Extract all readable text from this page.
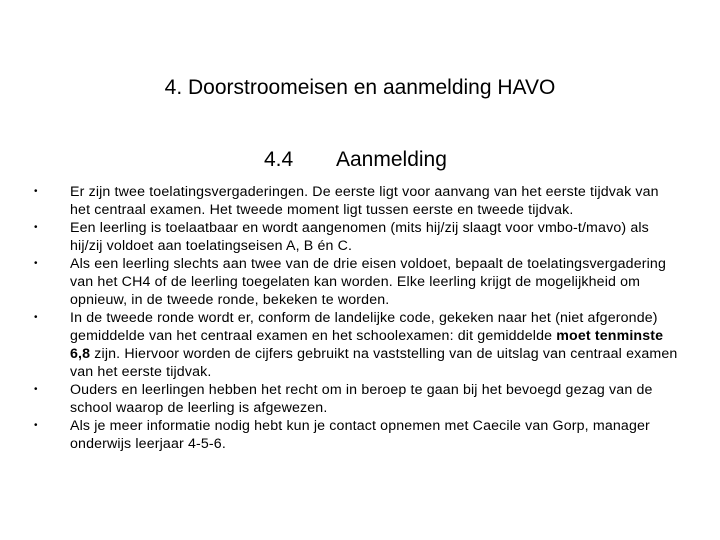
4. Doorstroomeisen en aanmelding HAVO
4.4 Aanmelding
• Er zijn twee toelatingsvergaderingen. De eerste ligt voor aanvang van het eerste tijdvak van het centraal examen. Het tweede moment ligt tussen eerste en tweede tijdvak.
• Een leerling is toelaatbaar en wordt aangenomen (mits hij/zij slaagt voor vmbo-t/mavo) als hij/zij voldoet aan toelatingseisen A, B én C.
• Als een leerling slechts aan twee van de drie eisen voldoet, bepaalt de toelatingsvergadering van het CH4 of de leerling toegelaten kan worden. Elke leerling krijgt de mogelijkheid om opnieuw, in de tweede ronde, bekeken te worden.
• In de tweede ronde wordt er, conform de landelijke code, gekeken naar het (niet afgeronde) gemiddelde van het centraal examen en het schoolexamen: dit gemiddelde moet tenminste 6,8 zijn. Hiervoor worden de cijfers gebruikt na vaststelling van de uitslag van centraal examen van het eerste tijdvak.
• Ouders en leerlingen hebben het recht om in beroep te gaan bij het bevoegd gezag van de school waarop de leerling is afgewezen.
• Als je meer informatie nodig hebt kun je contact opnemen met Caecile van Gorp, manager onderwijs leerjaar 4-5-6.
